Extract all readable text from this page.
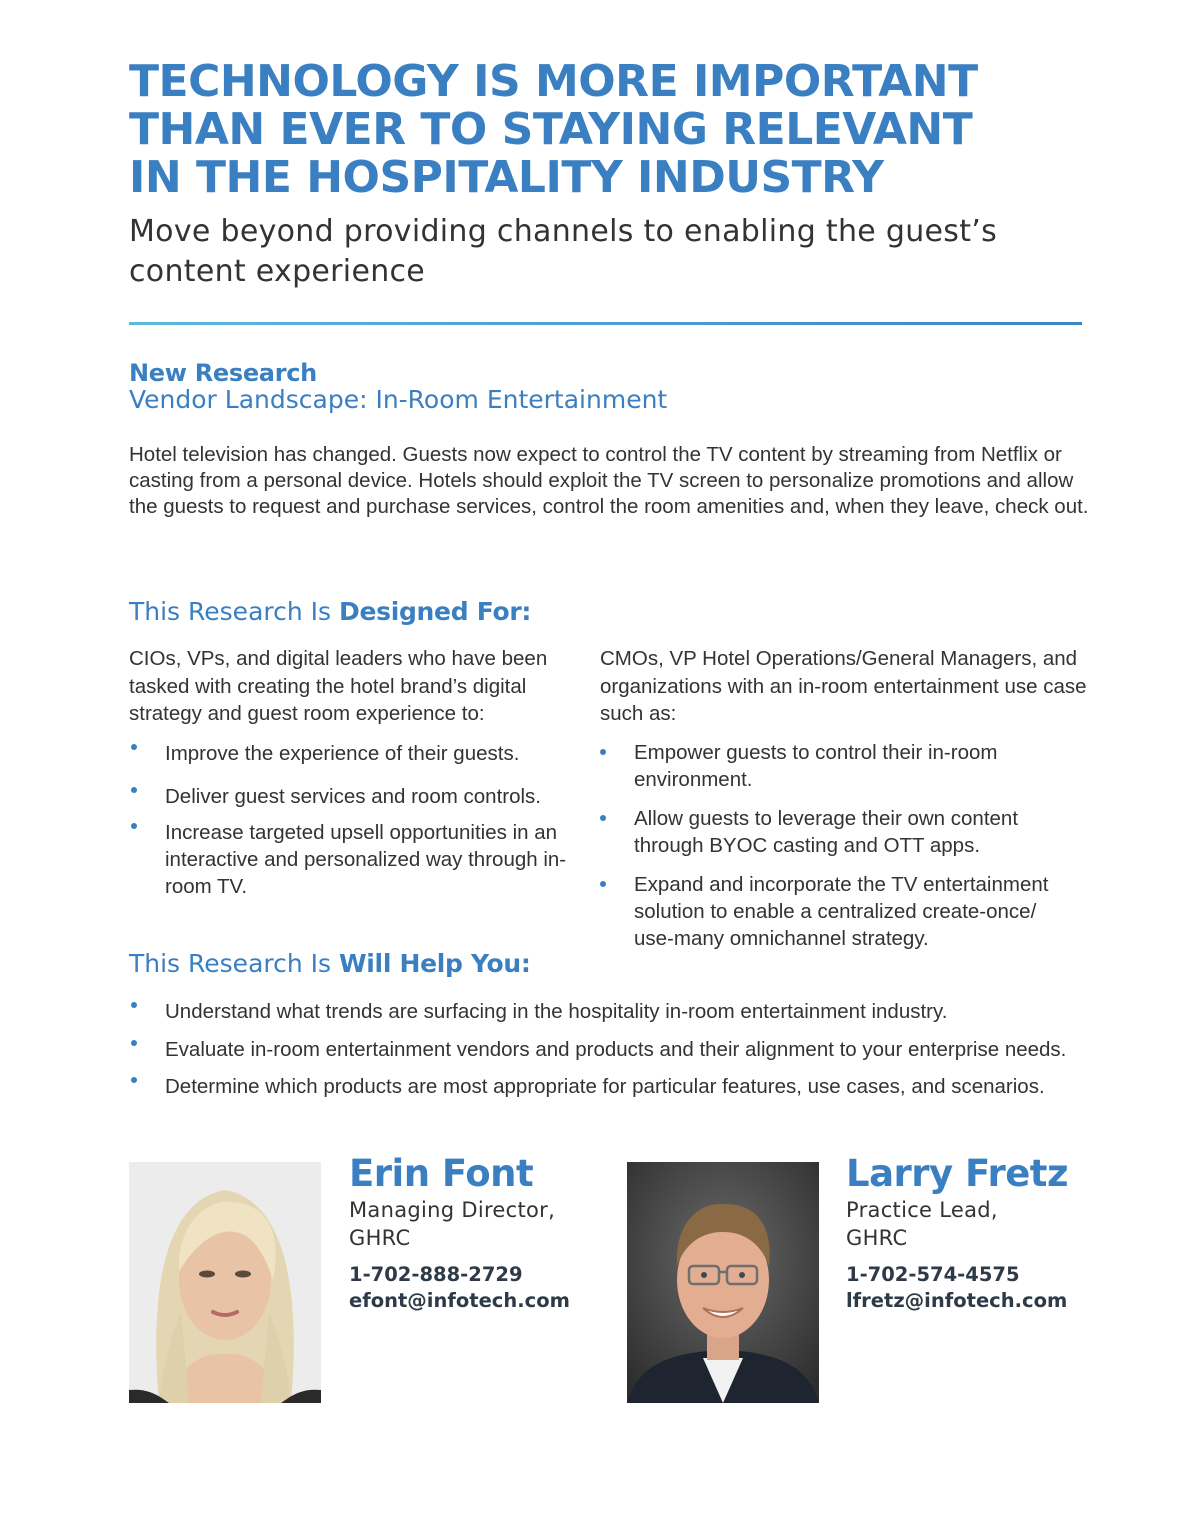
TECHNOLOGY IS MORE IMPORTANT
THAN EVER TO STAYING RELEVANT
IN THE HOSPITALITY INDUSTRY

Move beyond providing channels to enabling the guest’s content experience

New Research
Vendor Landscape: In-Room Entertainment

Hotel television has changed. Guests now expect to control the TV content by streaming from Netflix or casting from a personal device. Hotels should exploit the TV screen to personalize promotions and allow the guests to request and purchase services, control the room amenities and, when they leave, check out.

This Research Is Designed For:

CIOs, VPs, and digital leaders who have been tasked with creating the hotel brand’s digital strategy and guest room experience to:

Improve the experience of their guests.
Deliver guest services and room controls.
Increase targeted upsell opportunities in an interactive and personalized way through in-room TV.

CMOs, VP Hotel Operations/General Managers, and organizations with an in-room entertainment use case such as:

Empower guests to control their in-room environment.
Allow guests to leverage their own content through BYOC casting and OTT apps.
Expand and incorporate the TV entertainment solution to enable a centralized create-once/ use-many omnichannel strategy.
This Research Is Will Help You:
Understand what trends are surfacing in the hospitality in-room entertainment industry.
Evaluate in-room entertainment vendors and products and their alignment to your enterprise needs.
Determine which products are most appropriate for particular features, use cases, and scenarios.
Erin Font

Managing Director,
GHRC

1-702-888-2729

efont@infotech.com

Larry Fretz

Practice Lead,
GHRC

1-702-574-4575

lfretz@infotech.com
